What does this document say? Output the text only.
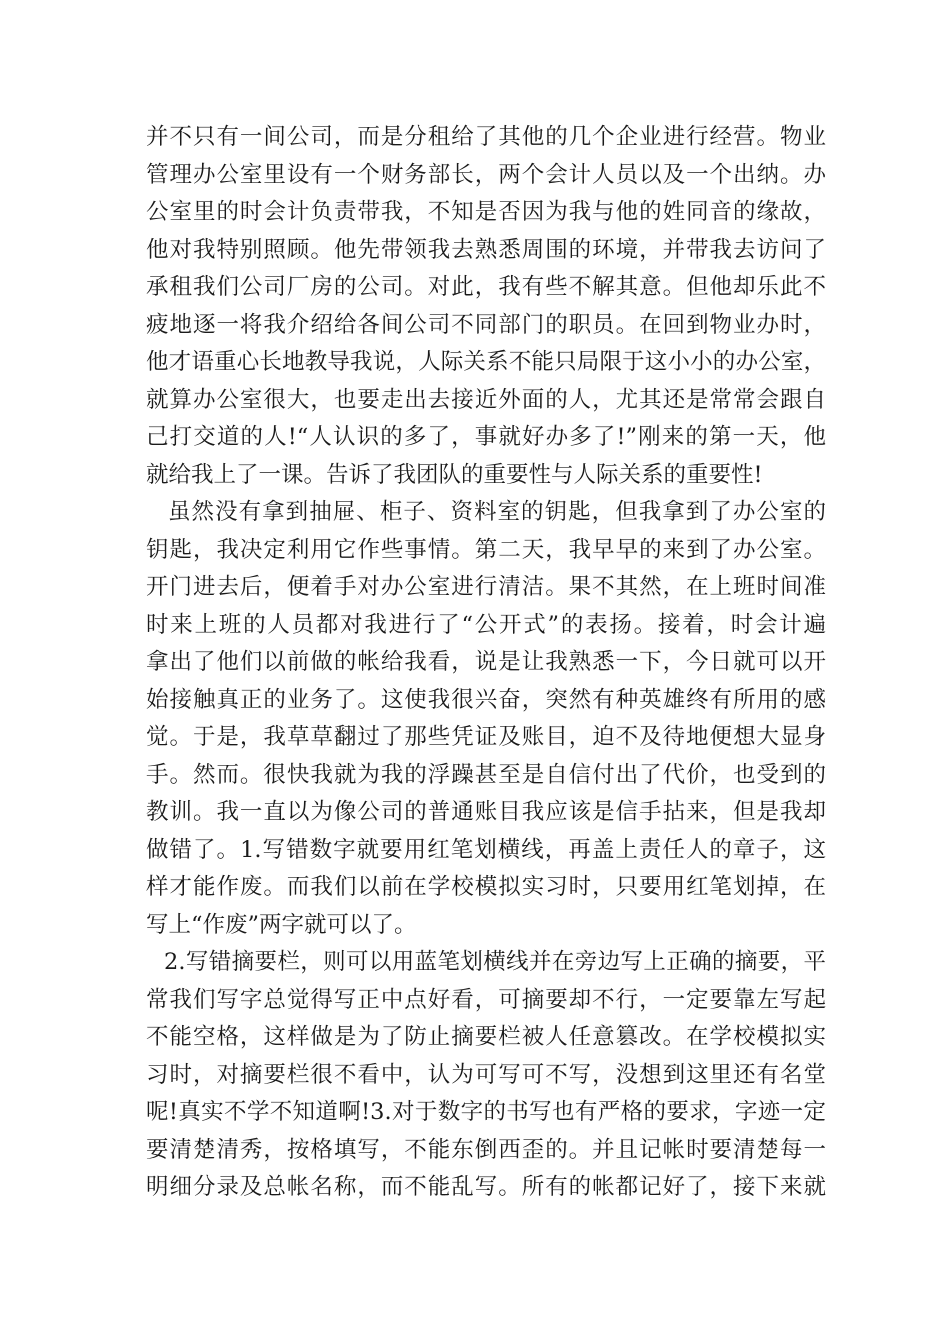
并不只有一间公司，而是分租给了其他的几个企业进行经营。物业
管理办公室里设有一个财务部长，两个会计人员以及一个出纳。办
公室里的时会计负责带我，不知是否因为我与他的姓同音的缘故，
他对我特别照顾。他先带领我去熟悉周围的环境，并带我去访问了
承租我们公司厂房的公司。对此，我有些不解其意。但他却乐此不
疲地逐一将我介绍给各间公司不同部门的职员。在回到物业办时，
他才语重心长地教导我说，人际关系不能只局限于这小小的办公室，
就算办公室很大，也要走出去接近外面的人，尤其还是常常会跟自
己打交道的人!“人认识的多了，事就好办多了!”刚来的第一天，他
就给我上了一课。告诉了我团队的重要性与人际关系的重要性!
虽然没有拿到抽屉、柜子、资料室的钥匙，但我拿到了办公室的
钥匙，我决定利用它作些事情。第二天，我早早的来到了办公室。
开门进去后，便着手对办公室进行清洁。果不其然，在上班时间准
时来上班的人员都对我进行了“公开式”的表扬。接着，时会计遍
拿出了他们以前做的帐给我看，说是让我熟悉一下，今日就可以开
始接触真正的业务了。这使我很兴奋，突然有种英雄终有所用的感
觉。于是，我草草翻过了那些凭证及账目，迫不及待地便想大显身
手。然而。很快我就为我的浮躁甚至是自信付出了代价，也受到的
教训。我一直以为像公司的普通账目我应该是信手拈来，但是我却
做错了。1.写错数字就要用红笔划横线，再盖上责任人的章子，这
样才能作废。而我们以前在学校模拟实习时，只要用红笔划掉，在
写上“作废”两字就可以了。
2.写错摘要栏，则可以用蓝笔划横线并在旁边写上正确的摘要，平
常我们写字总觉得写正中点好看，可摘要却不行，一定要靠左写起
不能空格，这样做是为了防止摘要栏被人任意篡改。在学校模拟实
习时，对摘要栏很不看中，认为可写可不写，没想到这里还有名堂
呢!真实不学不知道啊!3.对于数字的书写也有严格的要求，字迹一定
要清楚清秀，按格填写，不能东倒西歪的。并且记帐时要清楚每一
明细分录及总帐名称，而不能乱写。所有的帐都记好了，接下来就
